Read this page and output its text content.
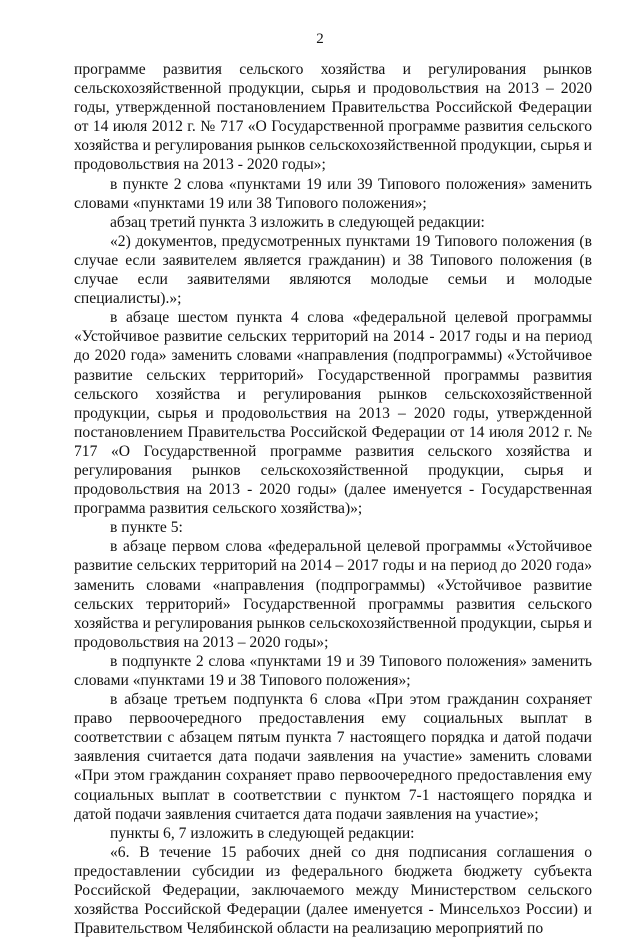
2

программе развития сельского хозяйства и регулирования рынков сельскохозяйственной продукции, сырья и продовольствия на 2013 – 2020 годы, утвержденной постановлением Правительства Российской Федерации от 14 июля 2012 г. № 717 «О Государственной программе развития сельского хозяйства и регулирования рынков сельскохозяйственной продукции, сырья и продовольствия на 2013 - 2020 годы»;

в пункте 2 слова «пунктами 19 или 39 Типового положения» заменить словами «пунктами 19 или 38 Типового положения»;

абзац третий пункта 3 изложить в следующей редакции:

«2) документов, предусмотренных пунктами 19 Типового положения (в случае если заявителем является гражданин) и 38 Типового положения (в случае если заявителями являются молодые семьи и молодые специалисты).»;

в абзаце шестом пункта 4 слова «федеральной целевой программы «Устойчивое развитие сельских территорий на 2014 - 2017 годы и на период до 2020 года» заменить словами «направления (подпрограммы) «Устойчивое развитие сельских территорий» Государственной программы развития сельского хозяйства и регулирования рынков сельскохозяйственной продукции, сырья и продовольствия на 2013 – 2020 годы, утвержденной постановлением Правительства Российской Федерации от 14 июля 2012 г. № 717 «О Государственной программе развития сельского хозяйства и регулирования рынков сельскохозяйственной продукции, сырья и продовольствия на 2013 - 2020 годы» (далее именуется - Государственная программа развития сельского хозяйства)»;

в пункте 5:

в абзаце первом слова «федеральной целевой программы «Устойчивое развитие сельских территорий на 2014 – 2017 годы и на период до 2020 года» заменить словами «направления (подпрограммы) «Устойчивое развитие сельских территорий» Государственной программы развития сельского хозяйства и регулирования рынков сельскохозяйственной продукции, сырья и продовольствия на 2013 – 2020 годы»;

в подпункте 2 слова «пунктами 19 и 39 Типового положения» заменить словами «пунктами 19 и 38 Типового положения»;

в абзаце третьем подпункта 6 слова «При этом гражданин сохраняет право первоочередного предоставления ему социальных выплат в соответствии с абзацем пятым пункта 7 настоящего порядка и датой подачи заявления считается дата подачи заявления на участие» заменить словами «При этом гражданин сохраняет право первоочередного предоставления ему социальных выплат в соответствии с пунктом 7-1 настоящего порядка и датой подачи заявления считается дата подачи заявления на участие»;

пункты 6, 7 изложить в следующей редакции:

«6. В течение 15 рабочих дней со дня подписания соглашения о предоставлении субсидии из федерального бюджета бюджету субъекта Российской Федерации, заключаемого между Министерством сельского хозяйства Российской Федерации (далее именуется - Минсельхоз России) и Правительством Челябинской области на реализацию мероприятий по
